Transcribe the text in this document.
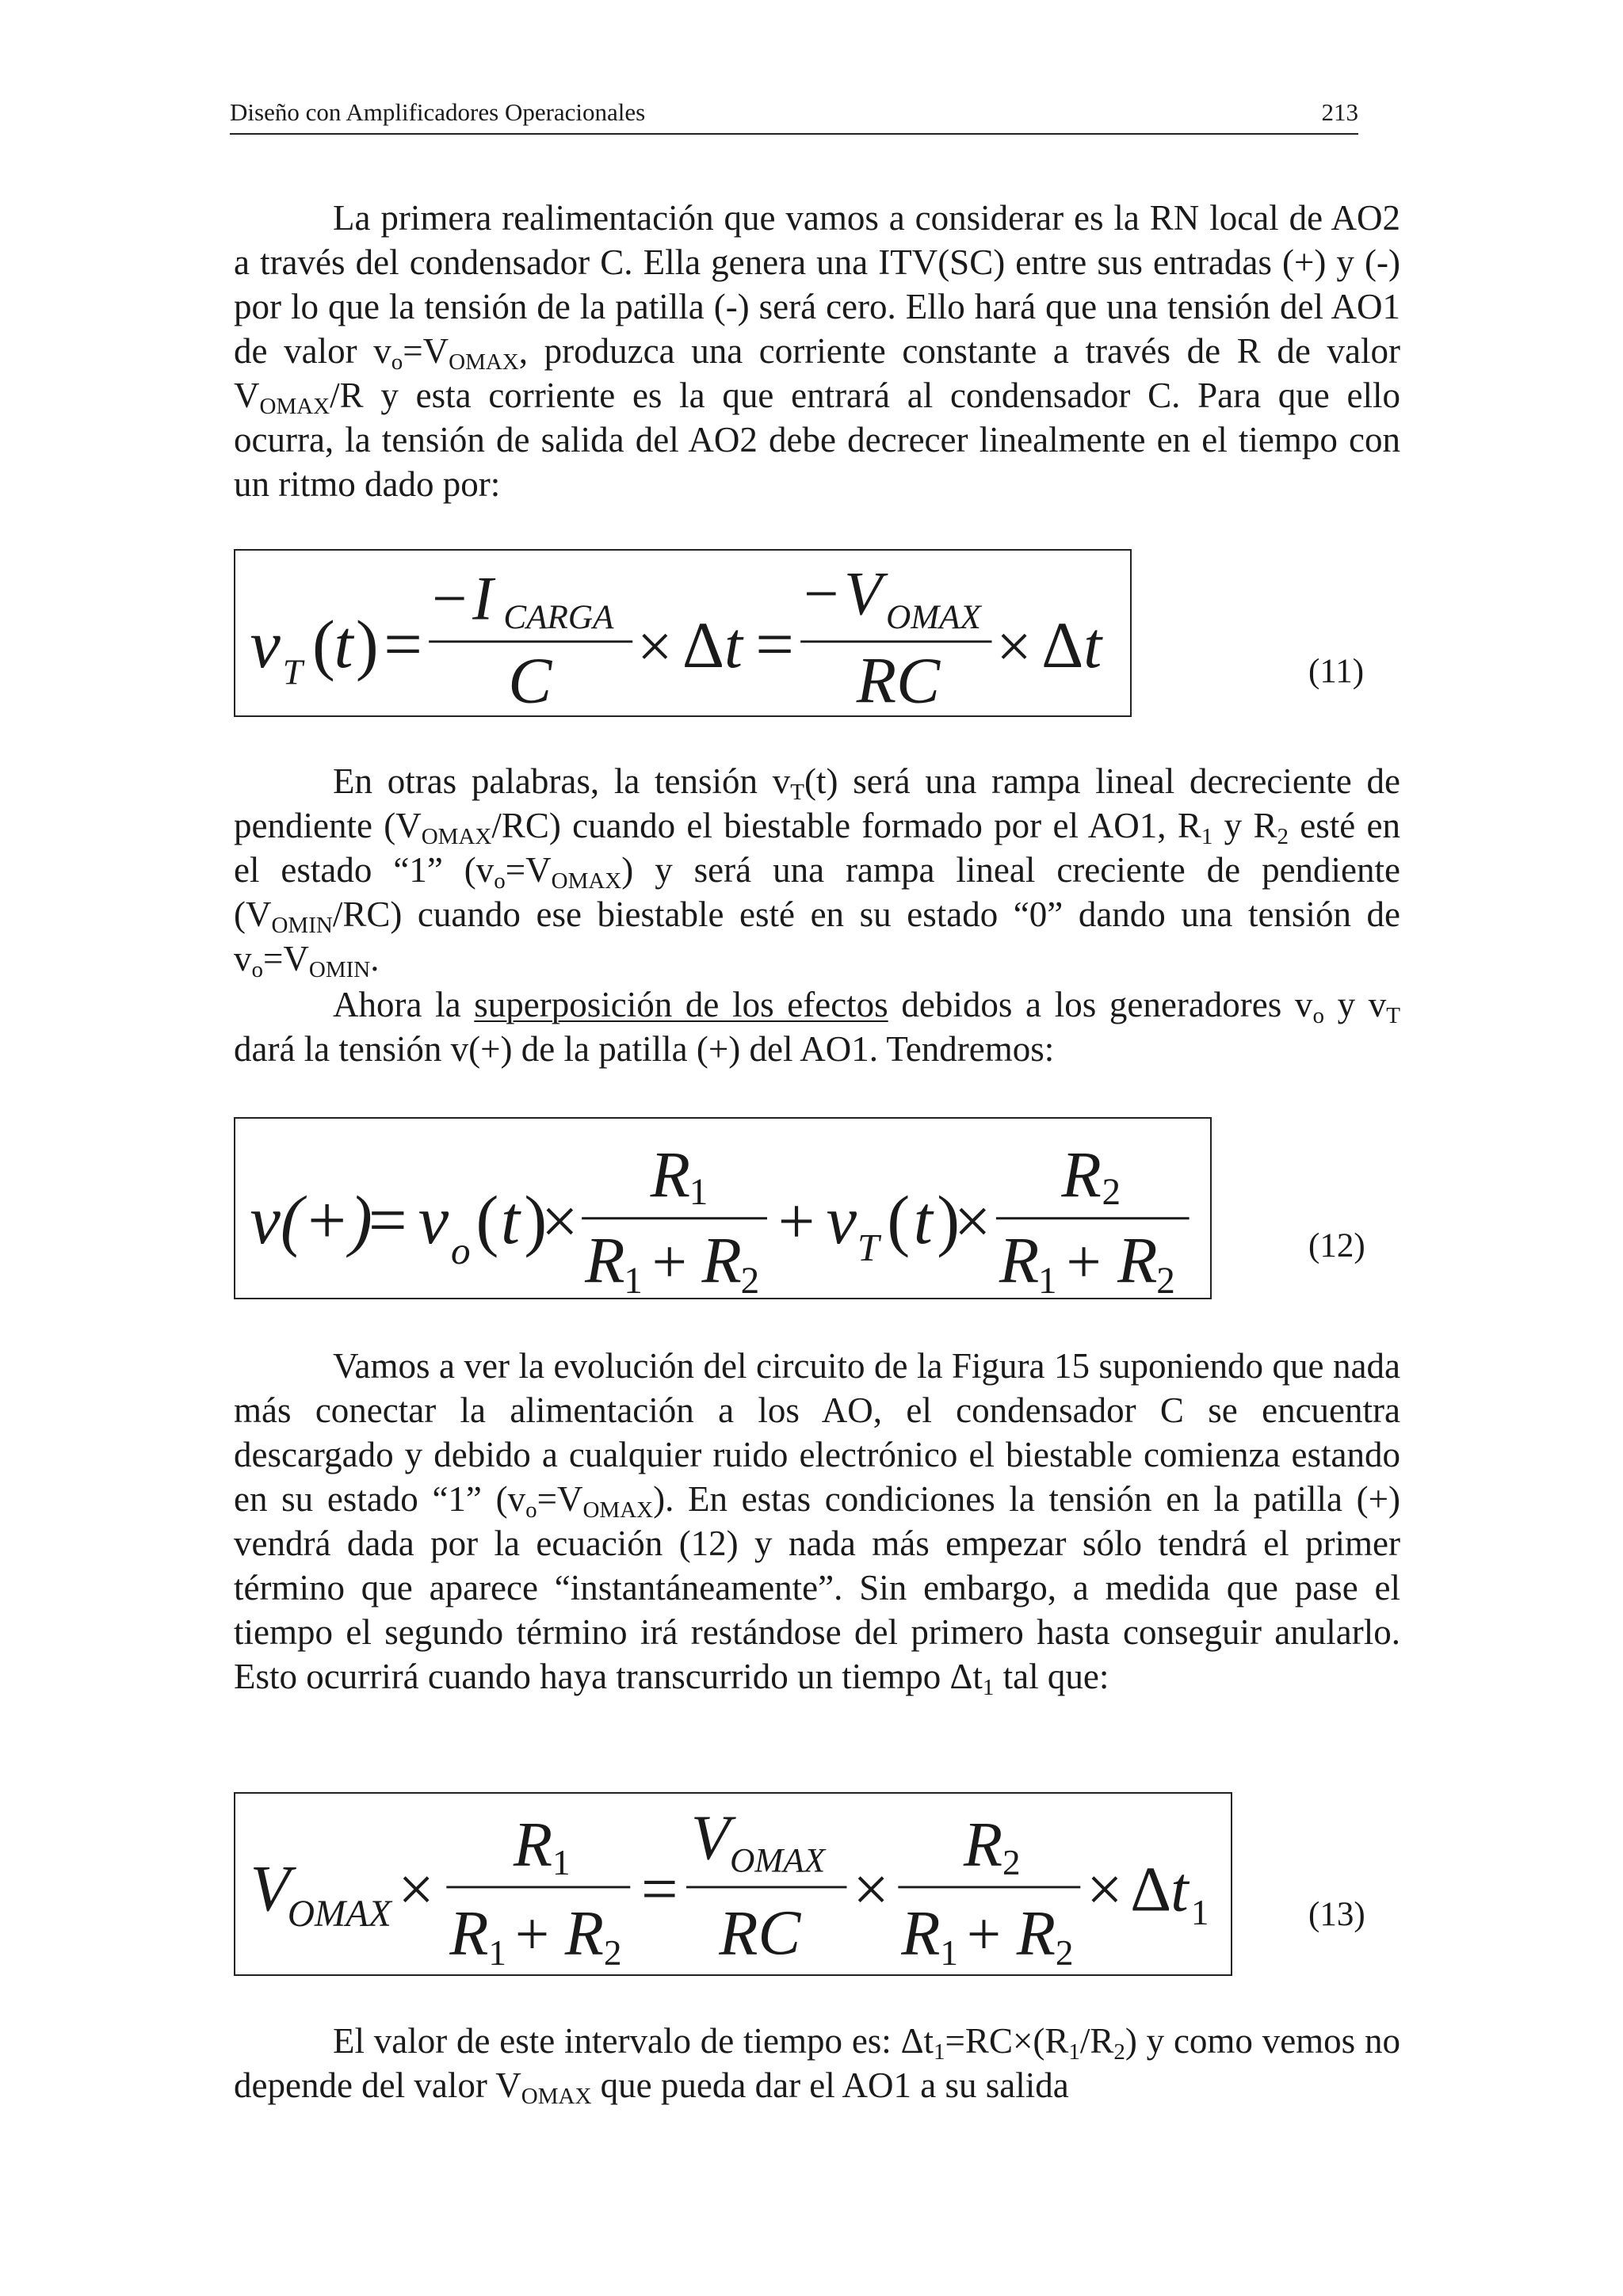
Diseño con Amplificadores Operacionales	213

La primera realimentación que vamos a considerar es la RN local de AO2 a través del condensador C. Ella genera una ITV(SC) entre sus entradas (+) y (-) por lo que la tensión de la patilla (-) será cero. Ello hará que una tensión del AO1 de valor $v_o=V_{OMAX}$, produzca una corriente constante a través de R de valor $V_{OMAX}/R$ y esta corriente es la que entrará al condensador C. Para que ello ocurra, la tensión de salida del AO2 debe decrecer linealmente en el tiempo con un ritmo dado por:

v T (
t ) =
− I CARGA
C × Δ t =
− V OMAX
RC × Δ t	(11)

En otras palabras, la tensión $v_T(t)$ será una rampa lineal decreciente de pendiente $(V_{OMAX}/RC)$ cuando el biestable formado por el AO1, $R_1$ y $R_2$ esté en el estado “1” $(v_o=V_{OMAX})$ y será una rampa lineal creciente de pendiente $(V_{OMIN}/RC)$ cuando ese biestable esté en su estado “0” dando una tensión de $v_o=V_{OMIN}$.

Ahora la superposición de los efectos debidos a los generadores $v_o$ y $v_T$ dará la tensión v(+) de la patilla (+) del AO1. Tendremos:

v(+)
= v o ( t )
×
R
1
R
1 + R
2
+ v T ( t )
×
R 2
R
1 + R
2
(12)

Vamos a ver la evolución del circuito de la Figura 15 suponiendo que nada más conectar la alimentación a los AO, el condensador C se encuentra descargado y debido a cualquier ruido electrónico el biestable comienza estando en su estado “1” $(v_o=V_{OMAX})$. En estas condiciones la tensión en la patilla (+) vendrá dada por la ecuación (12) y nada más empezar sólo tendrá el primer término que aparece “instantáneamente”. Sin embargo, a medida que pase el tiempo el segundo término irá restándose del primero hasta conseguir anularlo. Esto ocurrirá cuando haya transcurrido un tiempo $\Delta t_1$ tal que:

V
OMAX ×
R 1
R 1 + R 2
=
V OMAX
RC
×
R 2
R 1 + R 2
× Δ t 1	(13)

El valor de este intervalo de tiempo es: $\Delta t_1=RC\times(R_1/R_2)$ y como vemos no depende del valor $V_{OMAX}$ que pueda dar el AO1 a su salida
